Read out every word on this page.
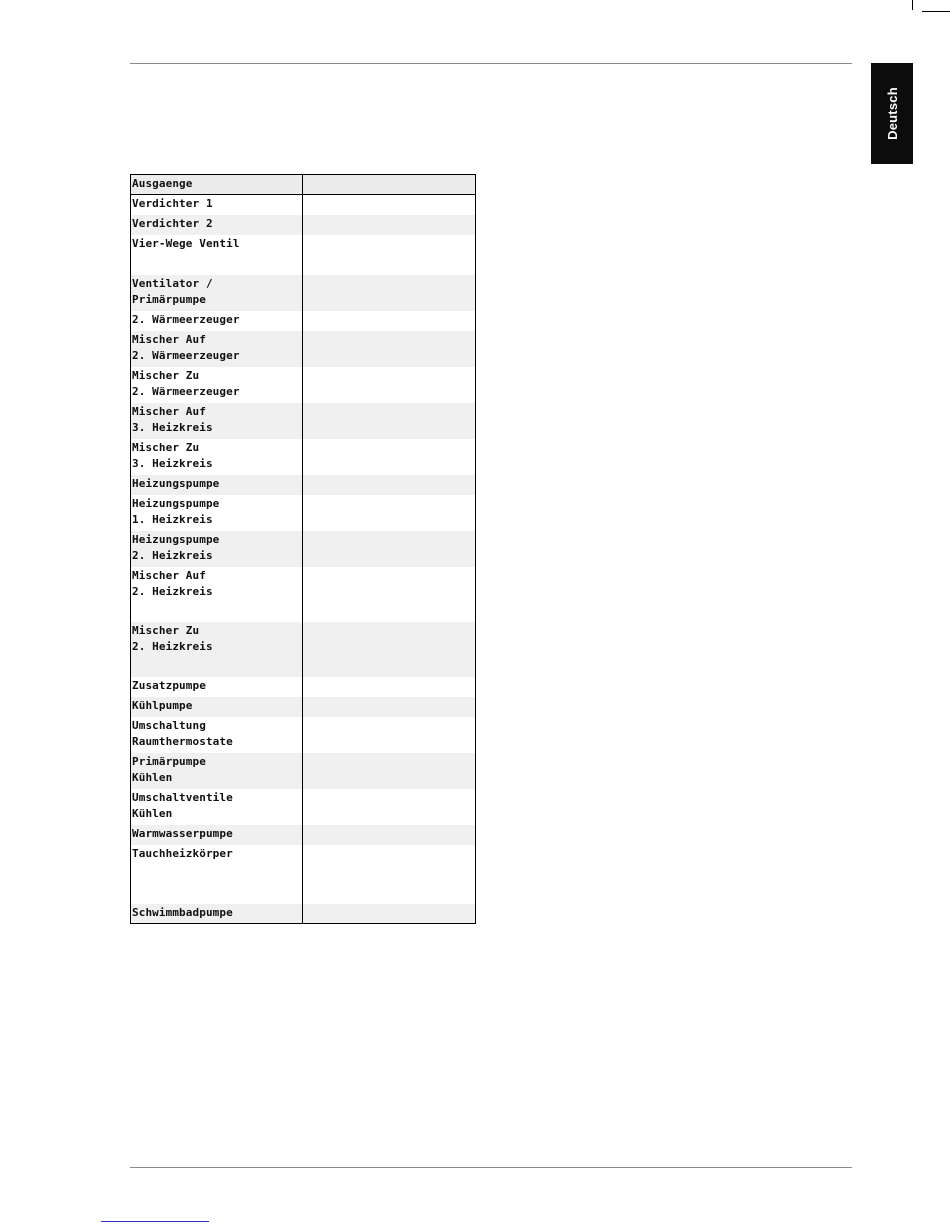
Deutsch
Ausgaenge
Verdichter 1
Verdichter 2
Vier-Wege Ventil
Ventilator /
Primärpumpe
2. Wärmeerzeuger
Mischer Auf
2. Wärmeerzeuger
Mischer Zu
2. Wärmeerzeuger
Mischer Auf
3. Heizkreis
Mischer Zu
3. Heizkreis
Heizungspumpe
Heizungspumpe
1. Heizkreis
Heizungspumpe
2. Heizkreis
Mischer Auf
2. Heizkreis
Mischer Zu
2. Heizkreis
Zusatzpumpe
Kühlpumpe
Umschaltung
Raumthermostate
Primärpumpe
Kühlen
Umschaltventile
Kühlen
Warmwasserpumpe
Tauchheizkörper
Schwimmbadpumpe
